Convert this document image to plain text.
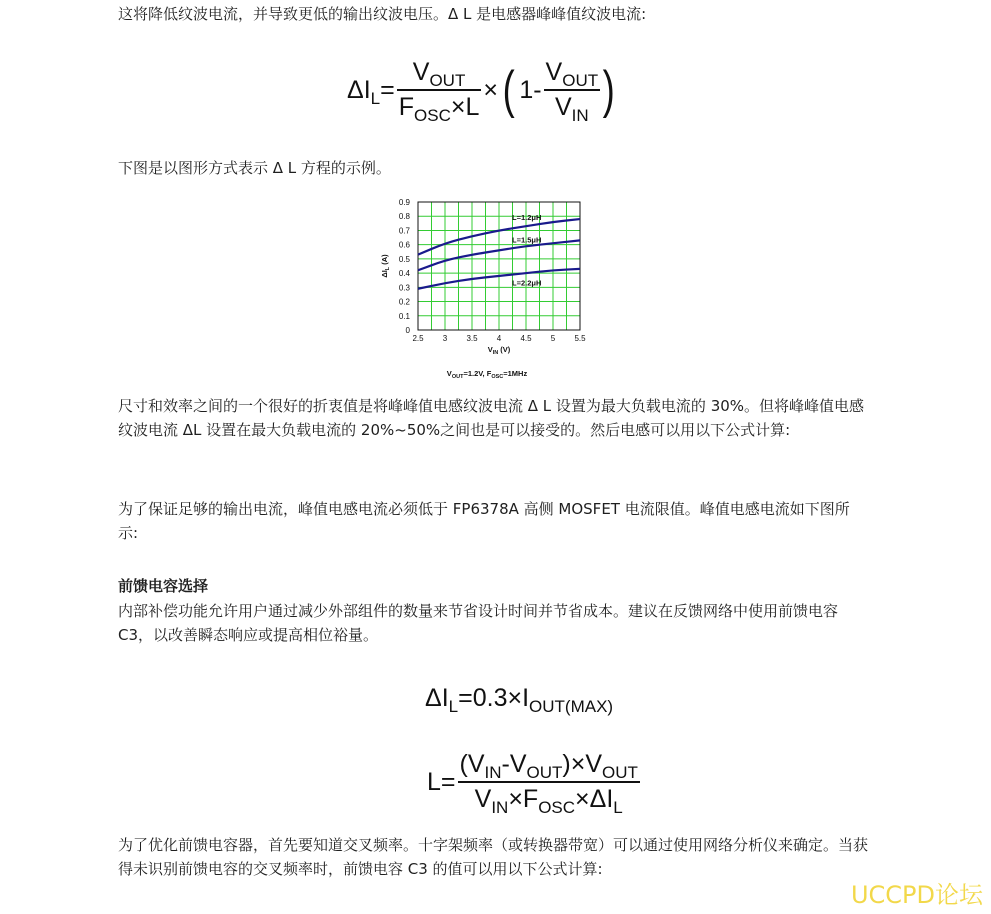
这将降低纹波电流，并导致更低的输出纹波电压。Δ L 是电感器峰峰值纹波电流:

$\Delta I_L= \frac{V_{OUT}}{F_{OSC}\times L}$ ×( $1- \frac{V_{OUT}}{V_{IN}}$ )

下图是以图形方式表示 Δ L 方程的示例。

2.5 3 3.5 4 4.5 5 5.5
0
0.1
0.2
0.3
0.4
0.5
0.6
0.7
0.8
0.9
L=1.2μH
L=1.5μH
L=2.2μH
$V_{IN}$ (V)
$\Delta I_L$ (A)
$V_{OUT}=1.2V$, $F_{OSC}=1MHz$

尺寸和效率之间的一个很好的折衷值是将峰峰值电感纹波电流 Δ L 设置为最大负载电流的 30%。但将峰峰值电感纹波电流 ΔL 设置在最大负载电流的 20%~50%之间也是可以接受的。然后电感可以用以下公式计算:

为了保证足够的输出电流，峰值电感电流必须低于 FP6378A 高侧 MOSFET 电流限值。峰值电感电流如下图所示:

前馈电容选择

内部补偿功能允许用户通过减少外部组件的数量来节省设计时间并节省成本。建议在反馈网络中使用前馈电容 C3，以改善瞬态响应或提高相位裕量。

$\Delta I_L=0.3\times I_{OUT(MAX)}$
$L= \frac{(V_{IN}-V_{OUT})\times V_{OUT}}{V_{IN}\times F_{OSC}\times\Delta I_L}$

为了优化前馈电容器，首先要知道交叉频率。十字架频率（或转换器带宽）可以通过使用网络分析仪来确定。当获得未识别前馈电容的交叉频率时，前馈电容 C3 的值可以用以下公式计算:

UCCPD论坛
